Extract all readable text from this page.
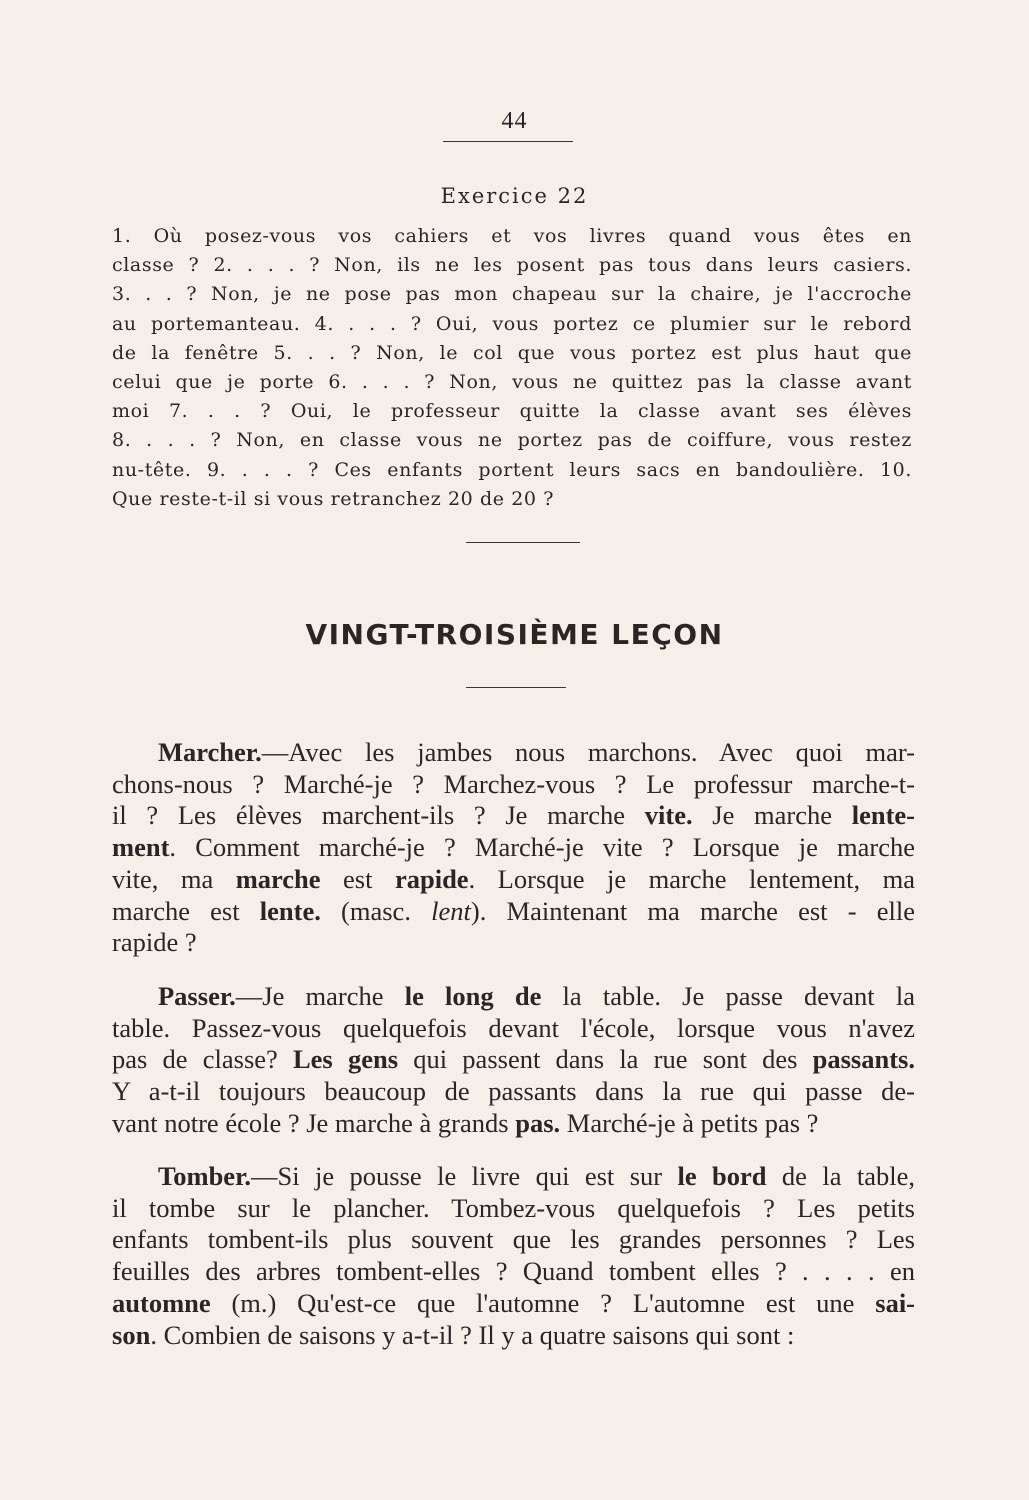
44
Exercice 22
1. Où posez-vous vos cahiers et vos livres quand vous êtes en
classe ? 2. . . . ? Non, ils ne les posent pas tous dans leurs casiers.
3. . . ? Non, je ne pose pas mon chapeau sur la chaire, je l'accroche
au portemanteau. 4. . . . ? Oui, vous portez ce plumier sur le rebord
de la fenêtre 5. . . ? Non, le col que vous portez est plus haut que
celui que je porte 6. . . . ? Non, vous ne quittez pas la classe avant
moi 7. . . ? Oui, le professeur quitte la classe avant ses élèves
8. . . . ? Non, en classe vous ne portez pas de coiffure, vous restez
nu-tête. 9. . . . ? Ces enfants portent leurs sacs en bandoulière. 10.
Que reste-t-il si vous retranchez 20 de 20 ?
VINGT-TROISIÈME LEÇON
Marcher.—Avec les jambes nous marchons. Avec quoi mar-
chons-nous ? Marché-je ? Marchez-vous ? Le professur marche-t-
il ? Les élèves marchent-ils ? Je marche vite. Je marche lente-
ment. Comment marché-je ? Marché-je vite ? Lorsque je marche
vite, ma marche est rapide. Lorsque je marche lentement, ma
marche est lente. (masc. lent). Maintenant ma marche est - elle
rapide ?
Passer.—Je marche le long de la table. Je passe devant la
table. Passez-vous quelquefois devant l'école, lorsque vous n'avez
pas de classe? Les gens qui passent dans la rue sont des passants.
Y a-t-il toujours beaucoup de passants dans la rue qui passe de-
vant notre école ? Je marche à grands pas. Marché-je à petits pas ?
Tomber.—Si je pousse le livre qui est sur le bord de la table,
il tombe sur le plancher. Tombez-vous quelquefois ? Les petits
enfants tombent-ils plus souvent que les grandes personnes ? Les
feuilles des arbres tombent-elles ? Quand tombent elles ? . . . . en
automne (m.) Qu'est-ce que l'automne ? L'automne est une sai-
son. Combien de saisons y a-t-il ? Il y a quatre saisons qui sont :
